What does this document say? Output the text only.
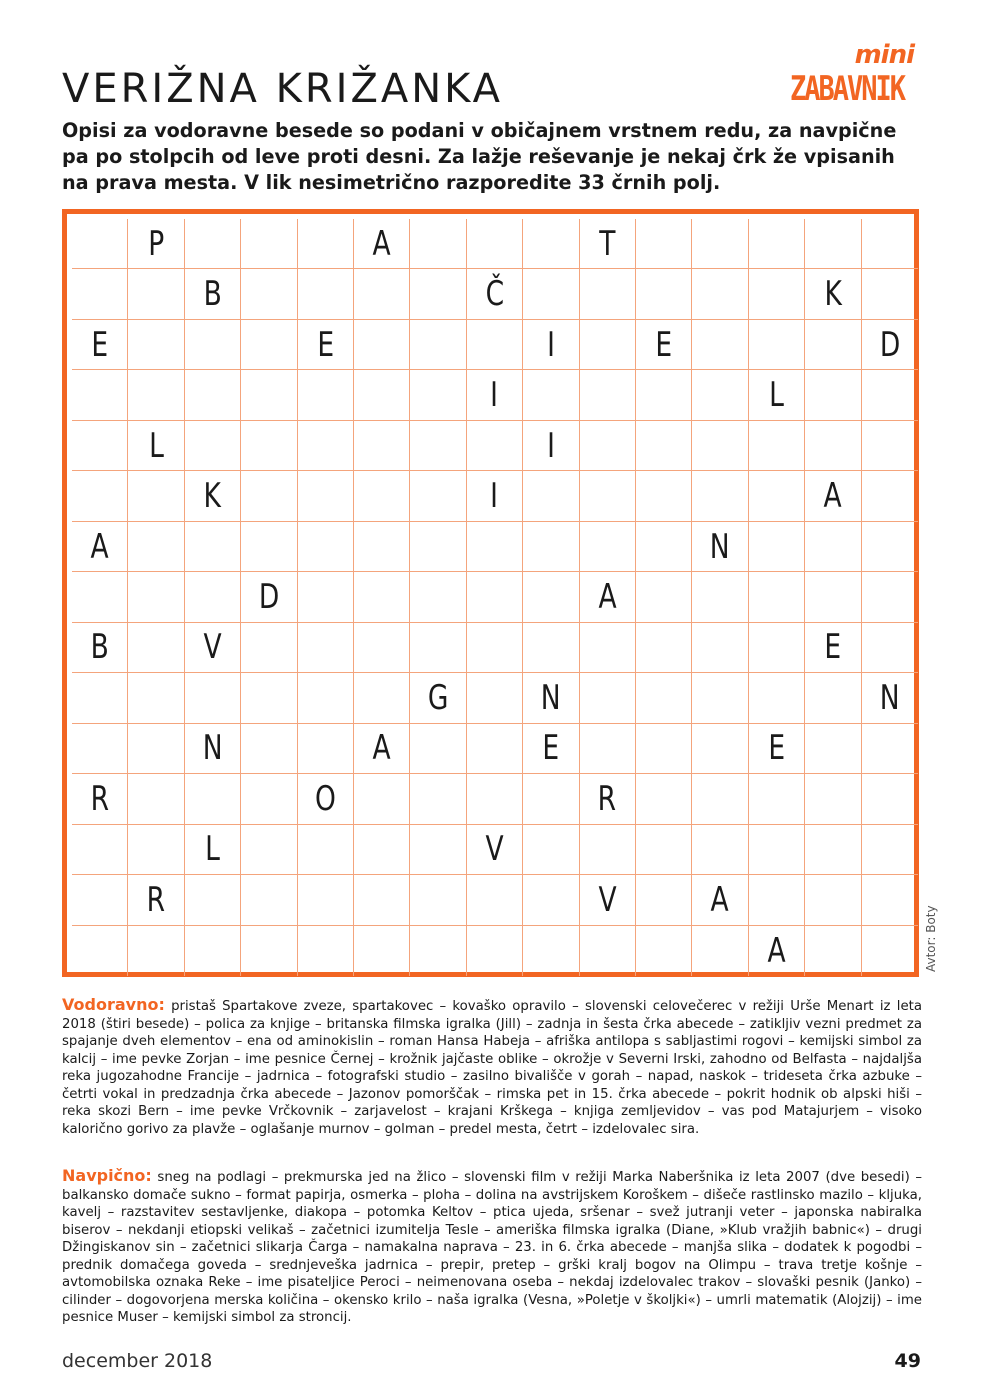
VERIŽNA KRIŽANKA
mini
ZABAVNIK
Opisi za vodoravne besede so podani v običajnem vrstnem redu, za navpične pa po stolpcih od leve proti desni. Za lažje reševanje je nekaj črk že vpisanih na prava mesta. V lik nesimetrično razporedite 33 črnih polj.
P	A	T
B	Č	K
E	E	I	E	D
I	L
L	I
K	I	A
A	N
D	A
B	V	E
G	N	N
N	A	E	E
R	O	R
L	V
R	V	A
A	Avtor: Boty
Vodoravno: pristaš Spartakove zveze, spartakovec – kovaško opravilo – slovenski celovečerec v režiji Urše Menart iz leta 2018 (štiri besede) – polica za knjige – britanska filmska igralka (Jill) – zadnja in šesta črka abecede – zatikljiv vezni predmet za spajanje dveh elementov – ena od aminokislin – roman Hansa Habeja – afriška antilopa s sabljastimi rogovi – kemijski simbol za kalcij – ime pevke Zorjan – ime pesnice Černej – krožnik jajčaste oblike – okrožje v Severni Irski, zahodno od Belfasta – najdaljša reka jugozahodne Francije – jadrnica – fotografski studio – zasilno bivališče v gorah – napad, naskok – trideseta črka azbuke – četrti vokal in predzadnja črka abecede – Jazonov pomorščak – rimska pet in 15. črka abecede – pokrit hodnik ob alpski hiši – reka skozi Bern – ime pevke Vrčkovnik – zarjavelost – krajani Krškega – knjiga zemljevidov – vas pod Matajurjem – visoko kalorično gorivo za plavže – oglašanje murnov – golman – predel mesta, četrt – izdelovalec sira.
Navpično: sneg na podlagi – prekmurska jed na žlico – slovenski film v režiji Marka Naberšnika iz leta 2007 (dve besedi) – balkansko domače sukno – format papirja, osmerka – ploha – dolina na avstrijskem Koroškem – dišeče rastlinsko mazilo – kljuka, kavelj – razstavitev sestavljenke, diakopa – potomka Keltov – ptica ujeda, sršenar – svež jutranji veter – japonska nabiralka biserov – nekdanji etiopski velikaš – začetnici izumitelja Tesle – ameriška filmska igralka (Diane, »Klub vražjih babnic«) – drugi Džingiskanov sin – začetnici slikarja Čarga – namakalna naprava – 23. in 6. črka abecede – manjša slika – dodatek k pogodbi – prednik domačega goveda – srednjeveška jadrnica – prepir, pretep – grški kralj bogov na Olimpu – trava tretje košnje – avtomobilska oznaka Reke – ime pisateljice Peroci – neimenovana oseba – nekdaj izdelovalec trakov – slovaški pesnik (Janko) – cilinder – dogovorjena merska količina – okensko krilo – naša igralka (Vesna, »Poletje v školjki«) – umrli matematik (Alojzij) – ime pesnice Muser – kemijski simbol za stroncij.
december 2018	49
